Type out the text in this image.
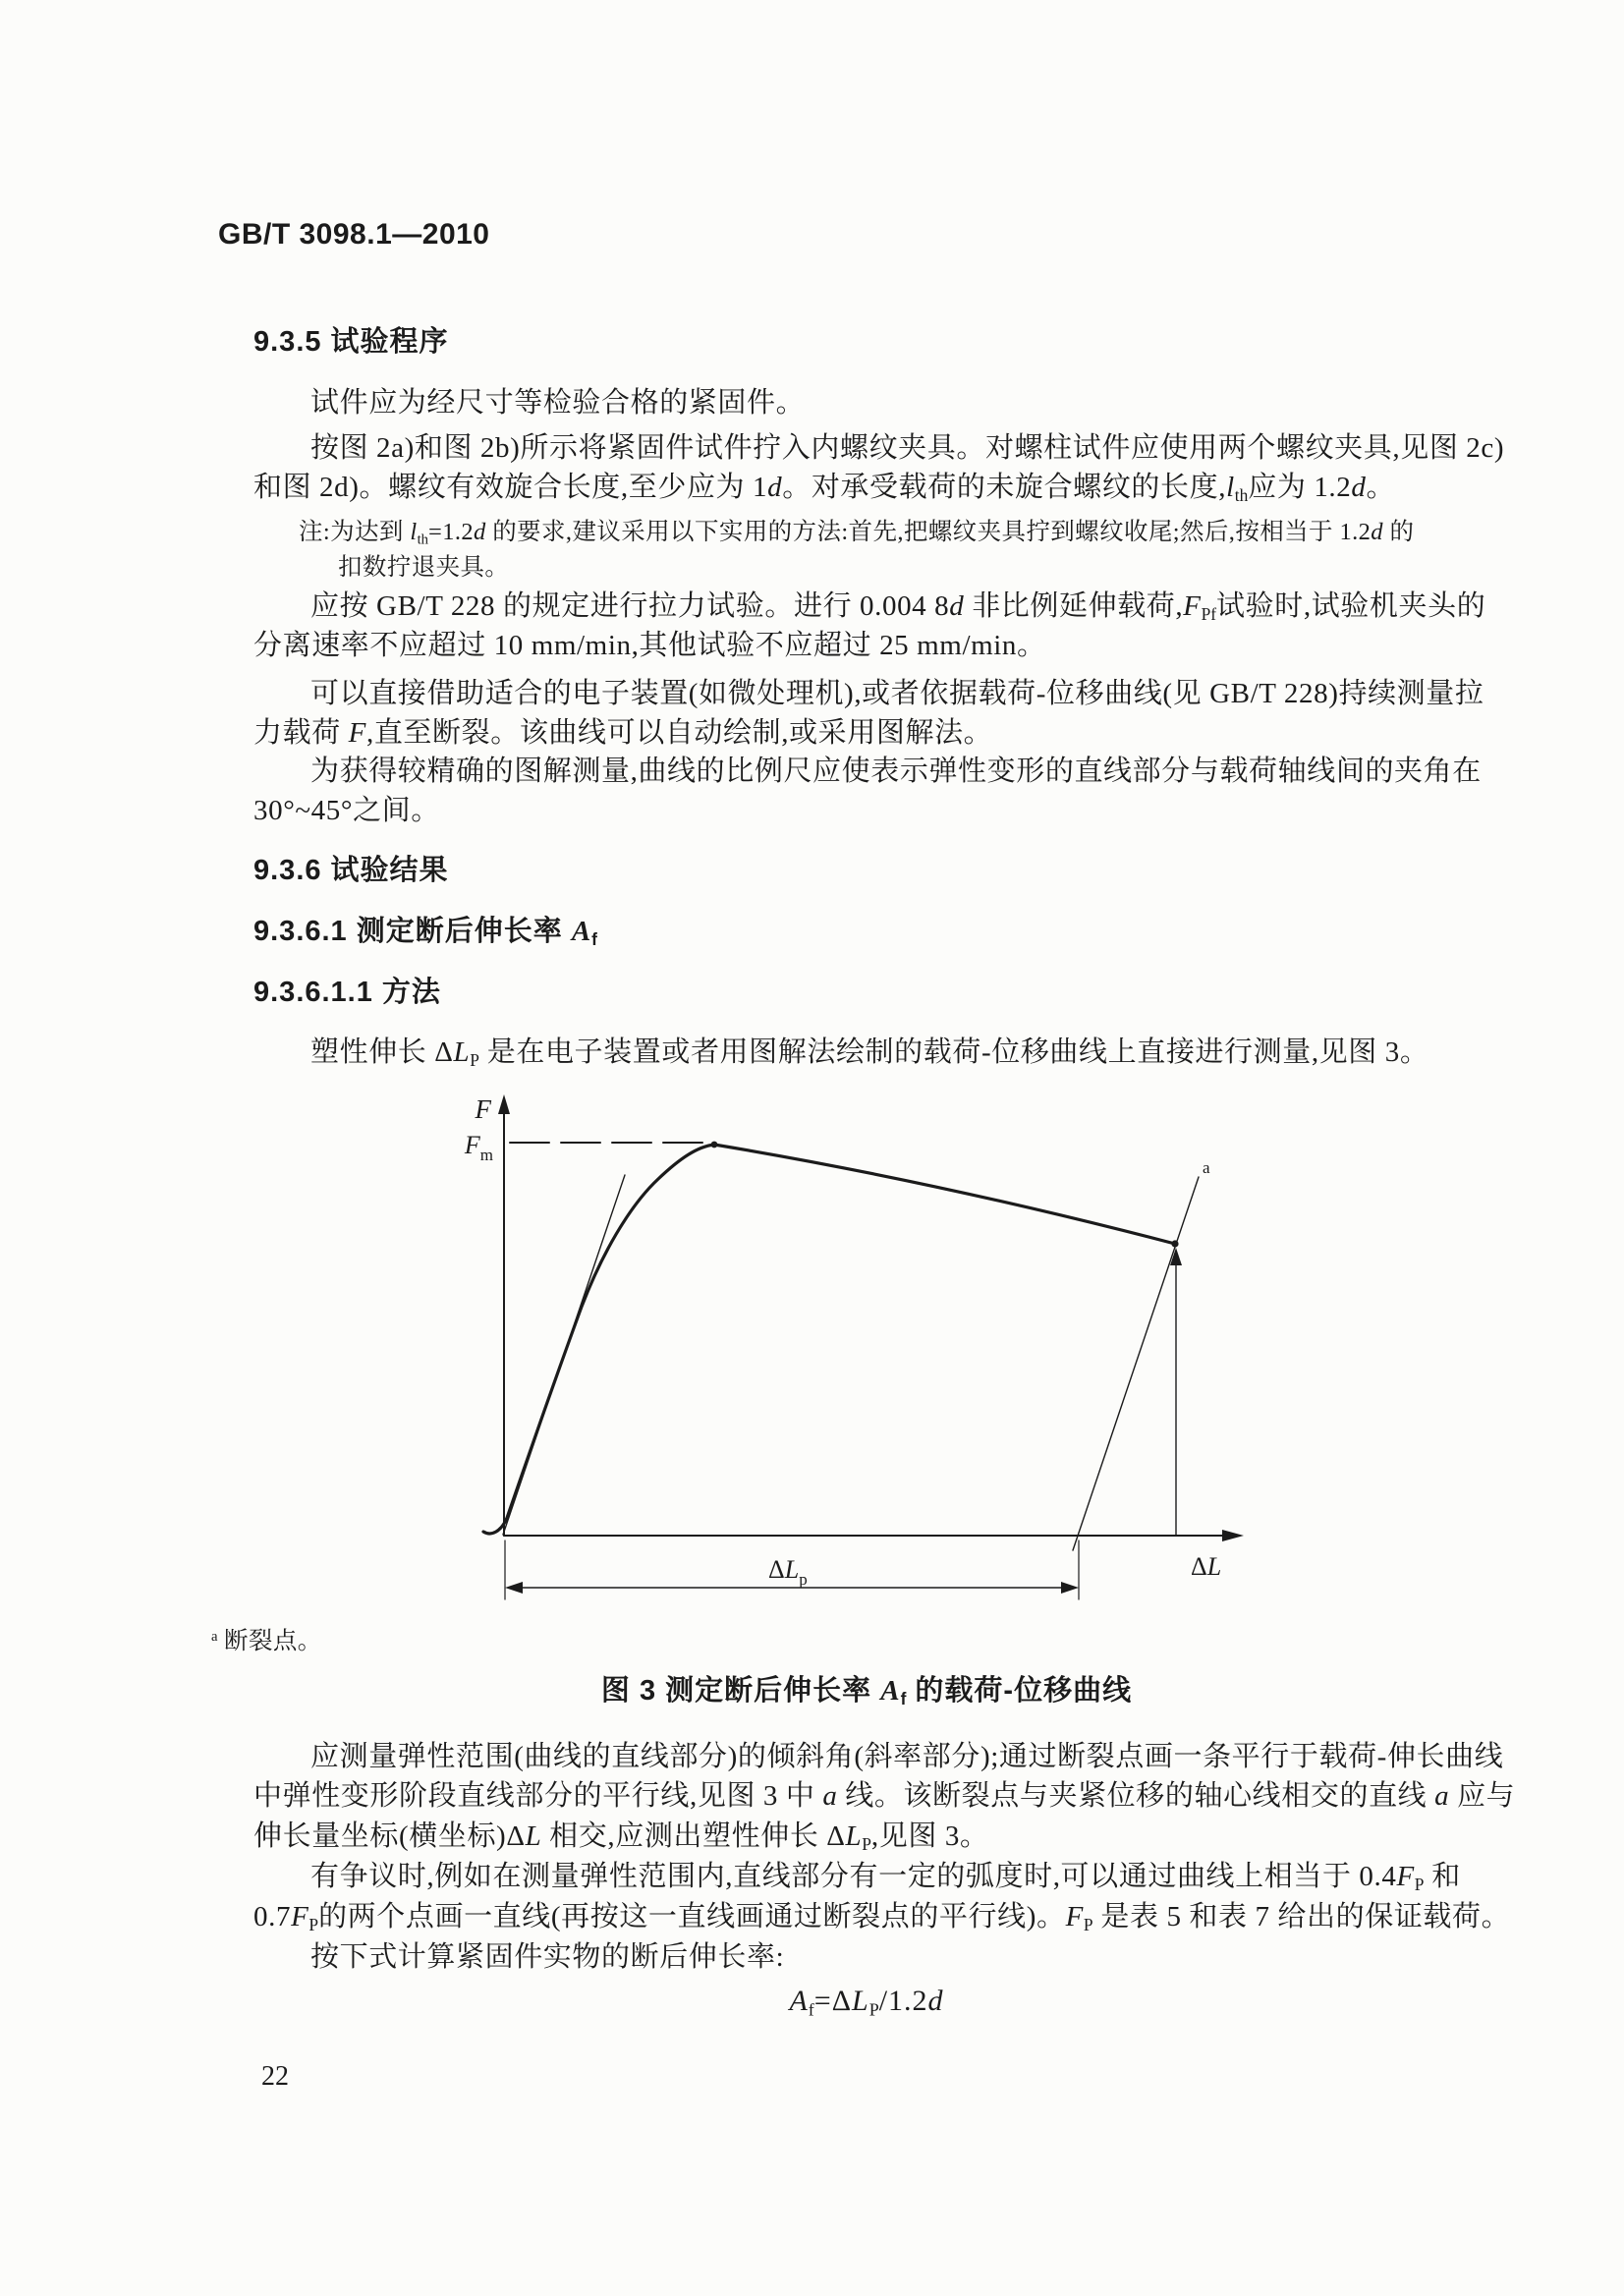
GB/T 3098.1—2010
9.3.5 试验程序
试件应为经尺寸等检验合格的紧固件。
按图 2a)和图 2b)所示将紧固件试件拧入内螺纹夹具。对螺柱试件应使用两个螺纹夹具,见图 2c)
和图 2d)。螺纹有效旋合长度,至少应为 1d。对承受载荷的未旋合螺纹的长度,lth应为 1.2d。
注:为达到 lth=1.2d 的要求,建议采用以下实用的方法:首先,把螺纹夹具拧到螺纹收尾;然后,按相当于 1.2d 的
扣数拧退夹具。
应按 GB/T 228 的规定进行拉力试验。进行 0.004 8d 非比例延伸载荷,FPf试验时,试验机夹头的
分离速率不应超过 10 mm/min,其他试验不应超过 25 mm/min。
可以直接借助适合的电子装置(如微处理机),或者依据载荷-位移曲线(见 GB/T 228)持续测量拉
力载荷 F,直至断裂。该曲线可以自动绘制,或采用图解法。
为获得较精确的图解测量,曲线的比例尺应使表示弹性变形的直线部分与载荷轴线间的夹角在
30°~45°之间。
9.3.6 试验结果
9.3.6.1 测定断后伸长率 Af
9.3.6.1.1 方法
塑性伸长 ΔLP 是在电子装置或者用图解法绘制的载荷-位移曲线上直接进行测量,见图 3。
F
$F_m$
ΔL
$\Delta L_p$
a
$^a$ 断裂点。
图 3 测定断后伸长率 Af 的载荷-位移曲线
应测量弹性范围(曲线的直线部分)的倾斜角(斜率部分);通过断裂点画一条平行于载荷-伸长曲线
中弹性变形阶段直线部分的平行线,见图 3 中 a 线。该断裂点与夹紧位移的轴心线相交的直线 a 应与
伸长量坐标(横坐标)ΔL 相交,应测出塑性伸长 ΔLP,见图 3。
有争议时,例如在测量弹性范围内,直线部分有一定的弧度时,可以通过曲线上相当于 0.4FP 和
0.7FP的两个点画一直线(再按这一直线画通过断裂点的平行线)。FP 是表 5 和表 7 给出的保证载荷。
按下式计算紧固件实物的断后伸长率:
Af=ΔLP/1.2d
22
